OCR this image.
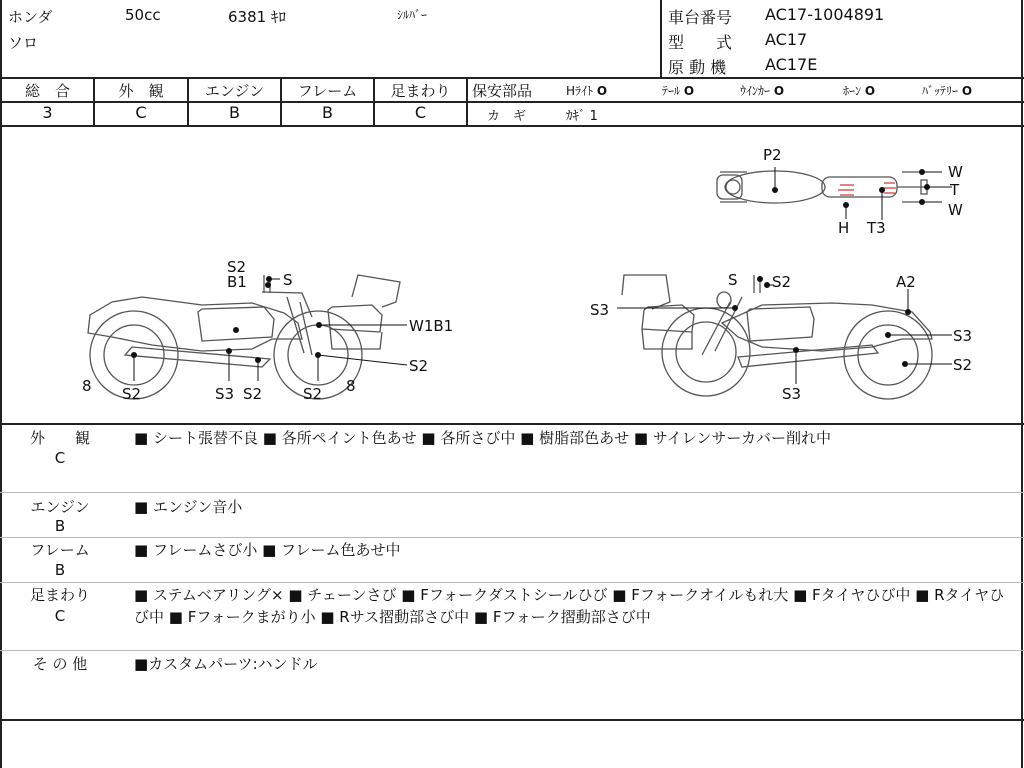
ホンダ	50cc	6381 ｷﾛ	ｼﾙﾊﾞｰ
ソロ
車台番号 AC17-1004891
型　　式 AC17
原 動 機 AC17E
総　合	外　観	エンジン	フレーム	足まわり
3	C	B	B	C
保安部品	Hﾗｲﾄ O	ﾃｰﾙ O	ｳｲﾝｶｰ O	ﾎｰﾝ O	ﾊﾞｯﾃﾘｰ O
カ　ギ	ｶｷﾞ 1
P2
W
T
W
H T3
S2
B1 S
W1B1
S2
8	8
S2	S3 S2	S2
S3
S S2	A2
S3
S2
S3
外　　観
C
■ シート張替不良 ■ 各所ペイント色あせ ■ 各所さび中 ■ 樹脂部色あせ ■ サイレンサーカバー削れ中
エンジン
B
■ エンジン音小
フレーム
B
■ フレームさび小 ■ フレーム色あせ中
足まわり
C
■ ステムベアリング× ■ チェーンさび ■ Fフォークダストシールひび ■ Fフォークオイルもれ大 ■ Fタイヤひび中 ■ Rタイヤひび中 ■ Fフォークまがり小 ■ Rサス摺動部さび中 ■ Fフォーク摺動部さび中
そ の 他	■カスタムパーツ:ハンドル
